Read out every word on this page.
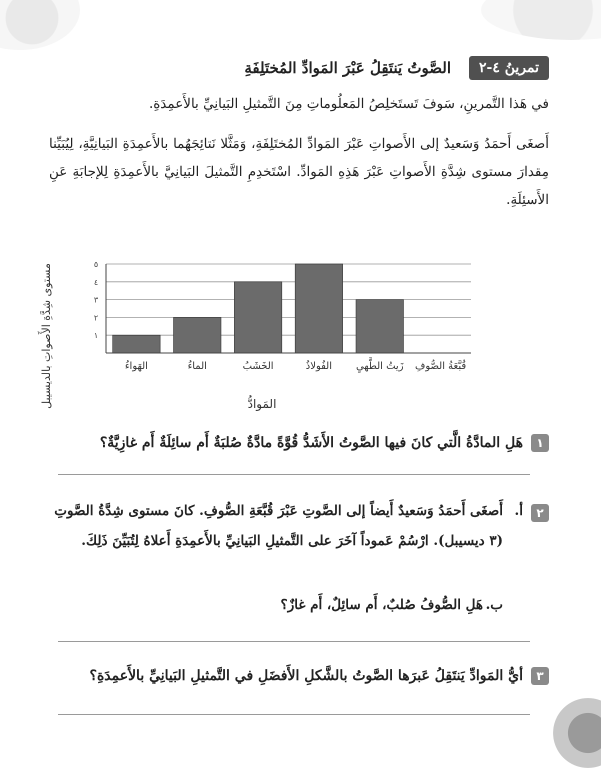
تمرينُ ٤-٢
الصَّوتُ يَنتَقِلُ عَبْرَ المَوادِّ المُختَلِفَةِ
في هَذا التَّمرينِ، سَوفَ تَستَخلِصُ المَعلُوماتِ مِنَ التَّمثيلِ البَيانِيِّ بالأَعمِدَةِ.
أَصغَى أَحمَدُ وَسَعيدٌ إلى الأَصواتِ عَبْرَ المَوادِّ المُختَلِفَةِ، وَمَثَّلا نَتائِجَهُما بالأَعمِدَةِ البَيانِيَّةِ، لِيُبَيِّنا مِقدارَ مستوى شِدَّةِ الأَصواتِ عَبْرَ هَذِهِ المَوادِّ. اسْتَخدِمِ التَّمثيلَ البَيانِيَّ بالأَعمِدَةِ لِلإجابَةِ عَنِ الأَسئِلَةِ.
١
٢
٣
٤
٥
الهَواءُ	الماءُ	الخَشَبُ	الفُولاذُ زَيتُ الطَّهيِ قُبَّعَةُ الصُّوفِ
مستوى شِدَّةِ الأَصواتِ بالديسيبل	المَوادُّ
١هَلِ المادَّةُ الَّتي كانَ فيها الصَّوتُ الأَشَدُّ قُوَّةً مادَّةٌ صُلبَةٌ أَم سائِلَةٌ أَم غازِيَّةٌ؟
٢
أ.
أَصغَى أَحمَدُ وَسَعيدٌ أَيضاً إلى الصَّوتِ عَبْرَ قُبَّعَةِ الصُّوفِ. كانَ مستوى شِدَّةُ الصَّوتِ (٣ ديسيبل). ارْسُمْ عَموداً آخَرَ على التَّمثيلِ البَيانِيِّ بالأَعمِدَةِ أَعلاهُ لِتُبَيِّنَ ذَلِكَ.
ب.
هَلِ الصُّوفُ صُلبٌ، أَم سائِلٌ، أَم غازٌ؟
٣أيُّ المَوادِّ يَنتَقِلُ عَبرَها الصَّوتُ بالشَّكلِ الأَفضَلِ في التَّمثيلِ البَيانِيِّ بالأَعمِدَةِ؟
